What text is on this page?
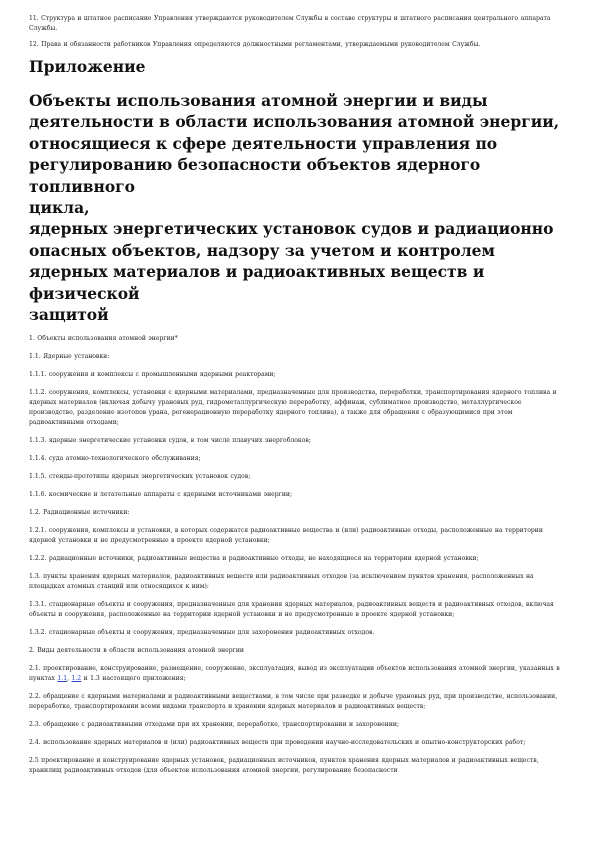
11. Структура и штатное расписание Управления утверждаются руководителем Службы в составе структуры и штатного расписания центрального аппарата Службы.

12. Права и обязанности работников Управления определяются должностными регламентами, утверждаемыми руководителем Службы.

Приложение
Объекты использования атомной энергии и виды
деятельности в области использования атомной энергии,
относящиеся к сфере деятельности управления по
регулированию безопасности объектов ядерного топливного
цикла,
ядерных энергетических установок судов и радиационно
опасных объектов, надзору за учетом и контролем
ядерных материалов и радиоактивных веществ и физической
защитой

1. Объекты использования атомной энергии*

1.1. Ядерные установки:

1.1.1. сооружения и комплексы с промышленными ядерными реакторами;

1.1.2. сооружения, комплексы, установки с ядерными материалами, предназначенные для производства, переработки, транспортирования ядерного топлива и ядерных материалов (включая добычу урановых руд, гидрометаллургическую переработку, аффинаж, сублиматное производство, металлургическое производство, разделение изотопов урана, регенерационную переработку ядерного топлива), а также для обращения с образующимися при этом радиоактивными отходами;

1.1.3. ядерные энергетические установки судов, в том числе плавучих энергоблоков;

1.1.4. суда атомно-технологического обслуживания;

1.1.5. стенды-прототипы ядерных энергетических установок судов;

1.1.6. космические и летательные аппараты с ядерными источниками энергии;

1.2. Радиационные источники:

1.2.1. сооружения, комплексы и установки, в которых содержатся радиоактивные вещества и (или) радиоактивные отходы, расположенные на территории ядерной установки и не предусмотренные в проекте ядерной установки;

1.2.2. радиационные источники, радиоактивные вещества и радиоактивные отходы, не находящиеся на территории ядерной установки;

1.3. пункты хранения ядерных материалов, радиоактивных веществ или радиоактивных отходов (за исключением пунктов хранения, расположенных на площадках атомных станций или относящихся к ним):

1.3.1. стационарные объекты и сооружения, предназначенные для хранения ядерных материалов, радиоактивных веществ и радиоактивных отходов, включая объекты и сооружения, расположенные на территории ядерной установки и не предусмотренные в проекте ядерной установки;

1.3.2. стационарные объекты и сооружения, предназначенные для захоронения радиоактивных отходов.

2. Виды деятельности в области использования атомной энергии

2.1. проектирование, конструирование, размещение, сооружение, эксплуатация, вывод из эксплуатации объектов использования атомной энергии, указанных в пунктах 1.1, 1.2 и 1.3 настоящего приложения;

2.2. обращение с ядерными материалами и радиоактивными веществами, в том числе при разведке и добыче урановых руд, при производстве, использовании, переработке, транспортировании всеми видами транспорта и хранении ядерных материалов и радиоактивных веществ;

2.3. обращение с радиоактивными отходами при их хранении, переработке, транспортировании и захоронении;

2.4. использование ядерных материалов и (или) радиоактивных веществ при проведении научно-исследовательских и опытно-конструкторских работ;

2.5 проектирование и конструирование ядерных установок, радиационных источников, пунктов хранения ядерных материалов и радиоактивных веществ, хранилищ радиоактивных отходов (для объектов использования атомной энергии, регулирование безопасности
